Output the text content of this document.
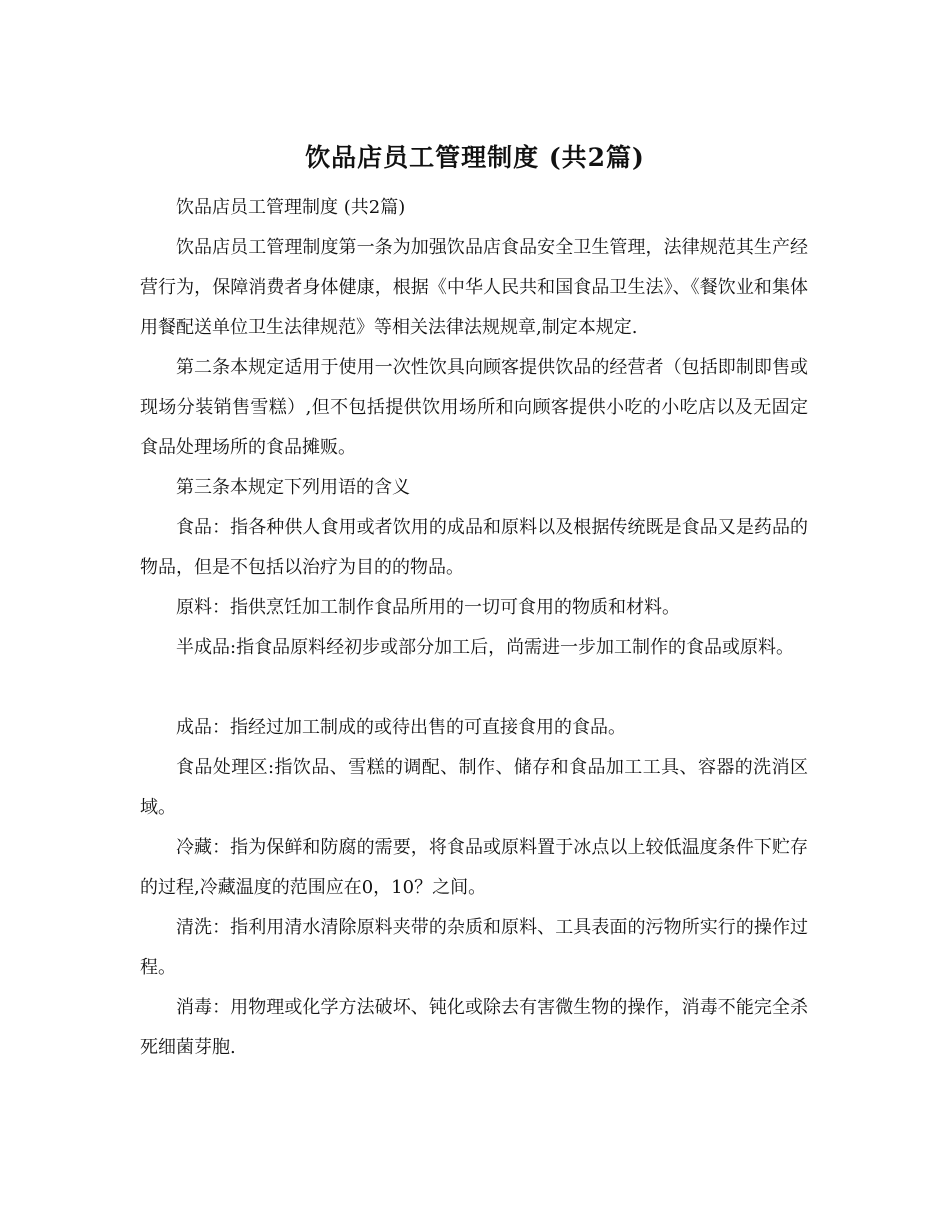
饮品店员工管理制度 (共2篇)

饮品店员工管理制度 (共2篇)

饮品店员工管理制度第一条为加强饮品店食品安全卫生管理，法律规范其生产经营行为，保障消费者身体健康，根据《中华人民共和国食品卫生法》、《餐饮业和集体用餐配送单位卫生法律规范》等相关法律法规规章,制定本规定.

第二条本规定适用于使用一次性饮具向顾客提供饮品的经营者（包括即制即售或现场分装销售雪糕）,但不包括提供饮用场所和向顾客提供小吃的小吃店以及无固定食品处理场所的食品摊贩。

第三条本规定下列用语的含义

食品：指各种供人食用或者饮用的成品和原料以及根据传统既是食品又是药品的物品，但是不包括以治疗为目的的物品。

原料：指供烹饪加工制作食品所用的一切可食用的物质和材料。

半成品:指食品原料经初步或部分加工后，尚需进一步加工制作的食品或原料。

成品：指经过加工制成的或待出售的可直接食用的食品。

食品处理区:指饮品、雪糕的调配、制作、储存和食品加工工具、容器的洗消区域。

冷藏：指为保鲜和防腐的需要，将食品或原料置于冰点以上较低温度条件下贮存的过程,冷藏温度的范围应在0，10？之间。

清洗：指利用清水清除原料夹带的杂质和原料、工具表面的污物所实行的操作过程。

消毒：用物理或化学方法破坏、钝化或除去有害微生物的操作，消毒不能完全杀死细菌芽胞.
